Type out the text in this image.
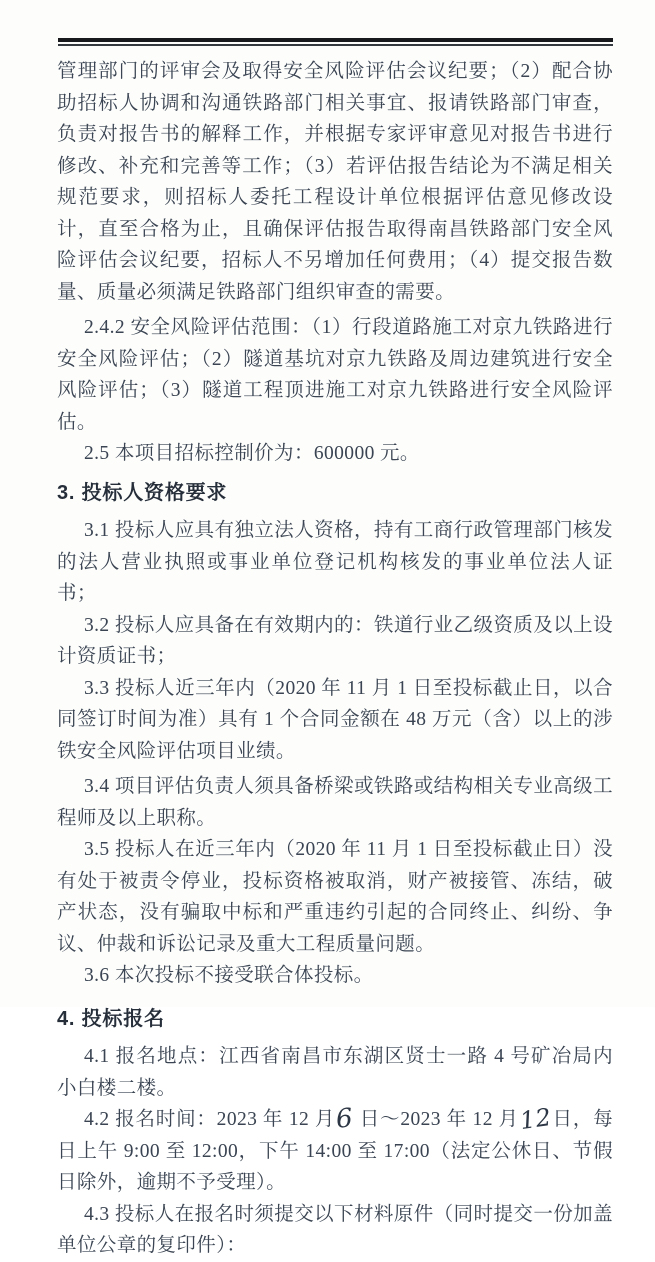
管理部门的评审会及取得安全风险评估会议纪要；（2）配合协助招标人协调和沟通铁路部门相关事宜、报请铁路部门审查，负责对报告书的解释工作，并根据专家评审意见对报告书进行修改、补充和完善等工作；（3）若评估报告结论为不满足相关规范要求，则招标人委托工程设计单位根据评估意见修改设计，直至合格为止，且确保评估报告取得南昌铁路部门安全风险评估会议纪要，招标人不另增加任何费用；（4）提交报告数量、质量必须满足铁路部门组织审查的需要。

2.4.2 安全风险评估范围：（1）行段道路施工对京九铁路进行安全风险评估；（2）隧道基坑对京九铁路及周边建筑进行安全风险评估；（3）隧道工程顶进施工对京九铁路进行安全风险评估。

2.5 本项目招标控制价为：600000 元。

3. 投标人资格要求

3.1 投标人应具有独立法人资格，持有工商行政管理部门核发的法人营业执照或事业单位登记机构核发的事业单位法人证书；

3.2 投标人应具备在有效期内的：铁道行业乙级资质及以上设计资质证书；

3.3 投标人近三年内（2020 年 11 月 1 日至投标截止日，以合同签订时间为准）具有 1 个合同金额在 48 万元（含）以上的涉铁安全风险评估项目业绩。

3.4 项目评估负责人须具备桥梁或铁路或结构相关专业高级工程师及以上职称。

3.5 投标人在近三年内（2020 年 11 月 1 日至投标截止日）没有处于被责令停业，投标资格被取消，财产被接管、冻结，破产状态，没有骗取中标和严重违约引起的合同终止、纠纷、争议、仲裁和诉讼记录及重大工程质量问题。

3.6 本次投标不接受联合体投标。

4. 投标报名

4.1 报名地点：江西省南昌市东湖区贤士一路 4 号矿冶局内小白楼二楼。

4.2 报名时间：2023 年 12 月6 日～2023 年 12 月12日，每日上午 9:00 至 12:00，下午 14:00 至 17:00（法定公休日、节假日除外，逾期不予受理）。

4.3 投标人在报名时须提交以下材料原件（同时提交一份加盖单位公章的复印件）：
